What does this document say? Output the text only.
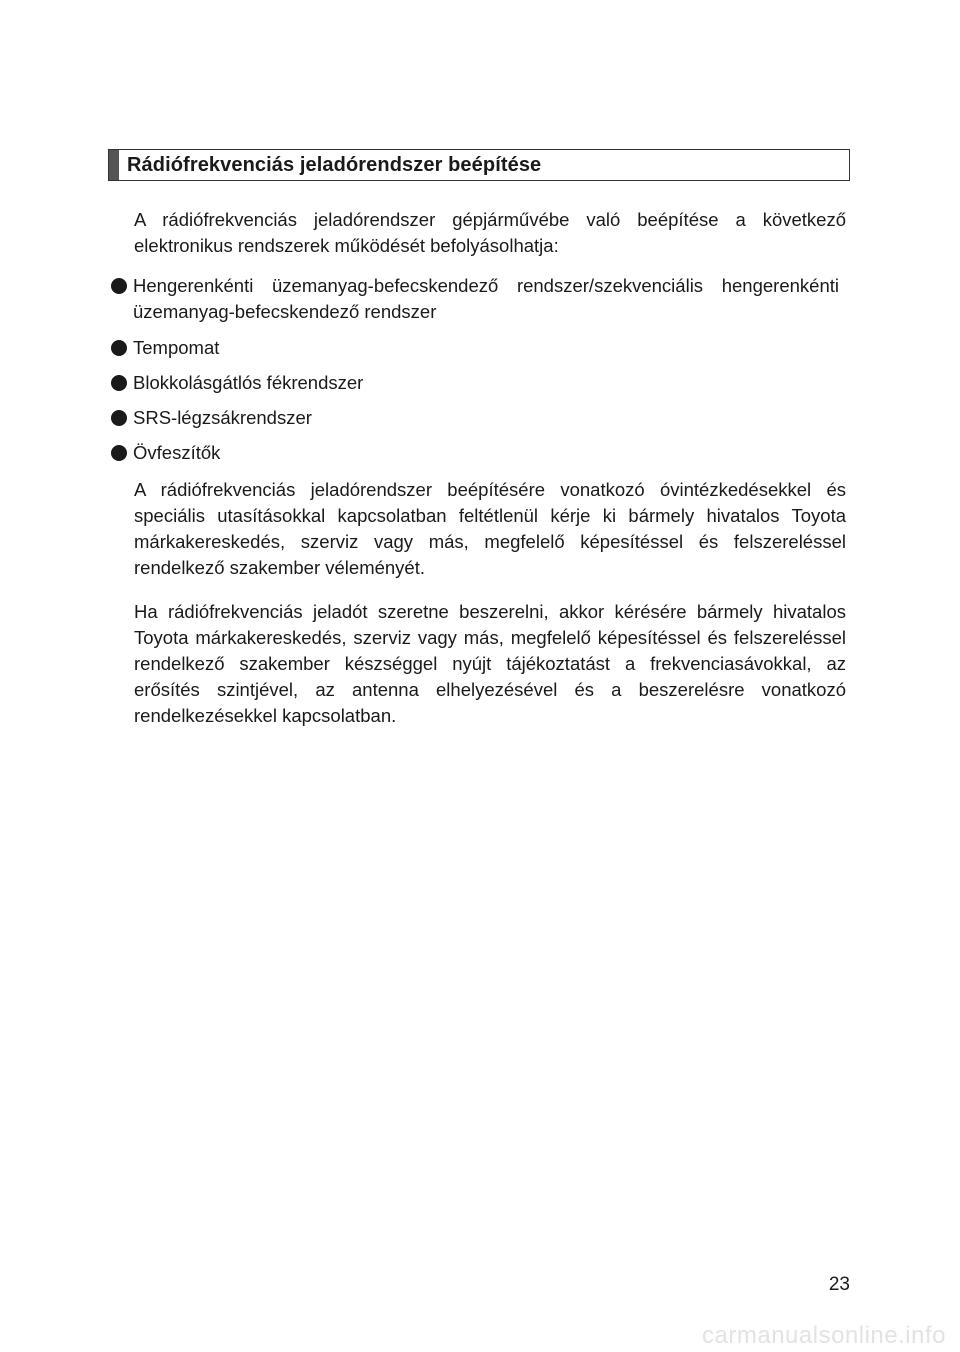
Rádiófrekvenciás jeladórendszer beépítése

A rádiófrekvenciás jeladórendszer gépjárművébe való beépítése a következő elektronikus rendszerek működését befolyásolhatja:

Hengerenkénti üzemanyag-befecskendező rendszer/szekvenciális hengerenkénti üzemanyag-befecskendező rendszer
Tempomat
Blokkolásgátlós fékrendszer
SRS-légzsákrendszer
Övfeszítők

A rádiófrekvenciás jeladórendszer beépítésére vonatkozó óvintézkedésekkel és speciális utasításokkal kapcsolatban feltétlenül kérje ki bármely hivatalos Toyota márkakereskedés, szerviz vagy más, megfelelő képesítéssel és felszereléssel rendelkező szakember véleményét.

Ha rádiófrekvenciás jeladót szeretne beszerelni, akkor kérésére bármely hivatalos Toyota márkakereskedés, szerviz vagy más, megfelelő képesítéssel és felszereléssel rendelkező szakember készséggel nyújt tájékoztatást a frekvenciasávokkal, az erősítés szintjével, az antenna elhelyezésével és a beszerelésre vonatkozó rendelkezésekkel kapcsolatban.

23
carmanualsonline.info
